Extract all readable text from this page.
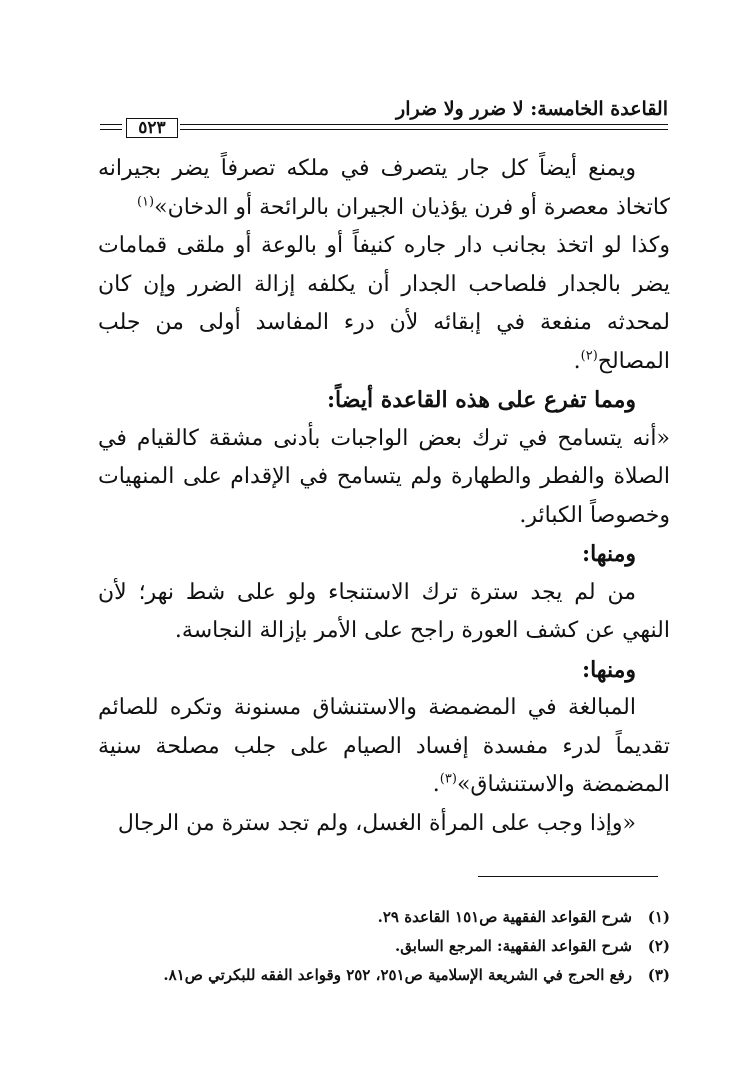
القاعدة الخامسة: لا ضرر ولا ضرار
٥٢٣

ويمنع أيضاً كل جار يتصرف في ملكه تصرفاً يضر بجيرانه كاتخاذ معصرة أو فرن يؤذيان الجيران بالرائحة أو الدخان»$^{(١)}$

وكذا لو اتخذ بجانب دار جاره كنيفاً أو بالوعة أو ملقى قمامات يضر بالجدار فلصاحب الجدار أن يكلفه إزالة الضرر وإن كان لمحدثه منفعة في إبقائه لأن درء المفاسد أولى من جلب المصالح$^{(٢)}$.

ومما تفرع على هذه القاعدة أيضاً:

«أنه يتسامح في ترك بعض الواجبات بأدنى مشقة كالقيام في الصلاة والفطر والطهارة ولم يتسامح في الإقدام على المنهيات وخصوصاً الكبائر.

ومنها:

من لم يجد سترة ترك الاستنجاء ولو على شط نهر؛ لأن النهي عن كشف العورة راجح على الأمر بإزالة النجاسة.

ومنها:

المبالغة في المضمضة والاستنشاق مسنونة وتكره للصائم تقديماً لدرء مفسدة إفساد الصيام على جلب مصلحة سنية المضمضة والاستنشاق»$^{(٣)}$.

«وإذا وجب على المرأة الغسل، ولم تجد سترة من الرجال

(١)
شرح القواعد الفقهية ص١٥١ القاعدة ٢٩.
(٢)
شرح القواعد الفقهية: المرجع السابق.
(٣)
رفع الحرج في الشريعة الإسلامية ص٢٥١، ٢٥٢ وقواعد الفقه للبكرتي ص٨١.
